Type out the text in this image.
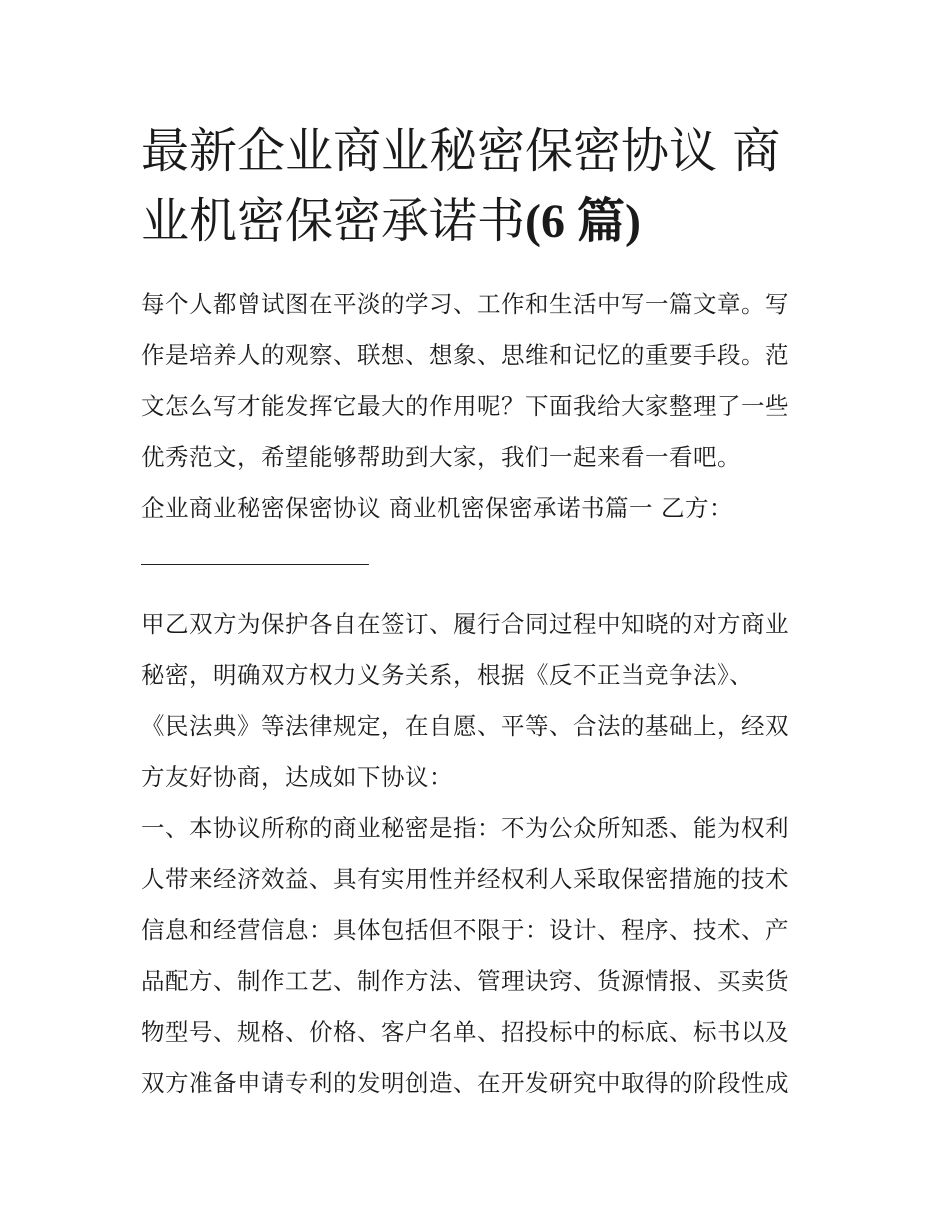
最新企业商业秘密保密协议 商
业机密保密承诺书(6 篇)

每个人都曾试图在平淡的学习、工作和生活中写一篇文章。写

作是培养人的观察、联想、想象、思维和记忆的重要手段。范

文怎么写才能发挥它最大的作用呢？下面我给大家整理了一些

优秀范文，希望能够帮助到大家，我们一起来看一看吧。

企业商业秘密保密协议 商业机密保密承诺书篇一 乙方：

甲乙双方为保护各自在签订、履行合同过程中知晓的对方商业

秘密，明确双方权力义务关系，根据《反不正当竞争法》、

《民法典》等法律规定，在自愿、平等、合法的基础上，经双

方友好协商，达成如下协议：

一、本协议所称的商业秘密是指：不为公众所知悉、能为权利

人带来经济效益、具有实用性并经权利人采取保密措施的技术

信息和经营信息：具体包括但不限于：设计、程序、技术、产

品配方、制作工艺、制作方法、管理诀窍、货源情报、买卖货

物型号、规格、价格、客户名单、招投标中的标底、标书以及

双方准备申请专利的发明创造、在开发研究中取得的阶段性成
